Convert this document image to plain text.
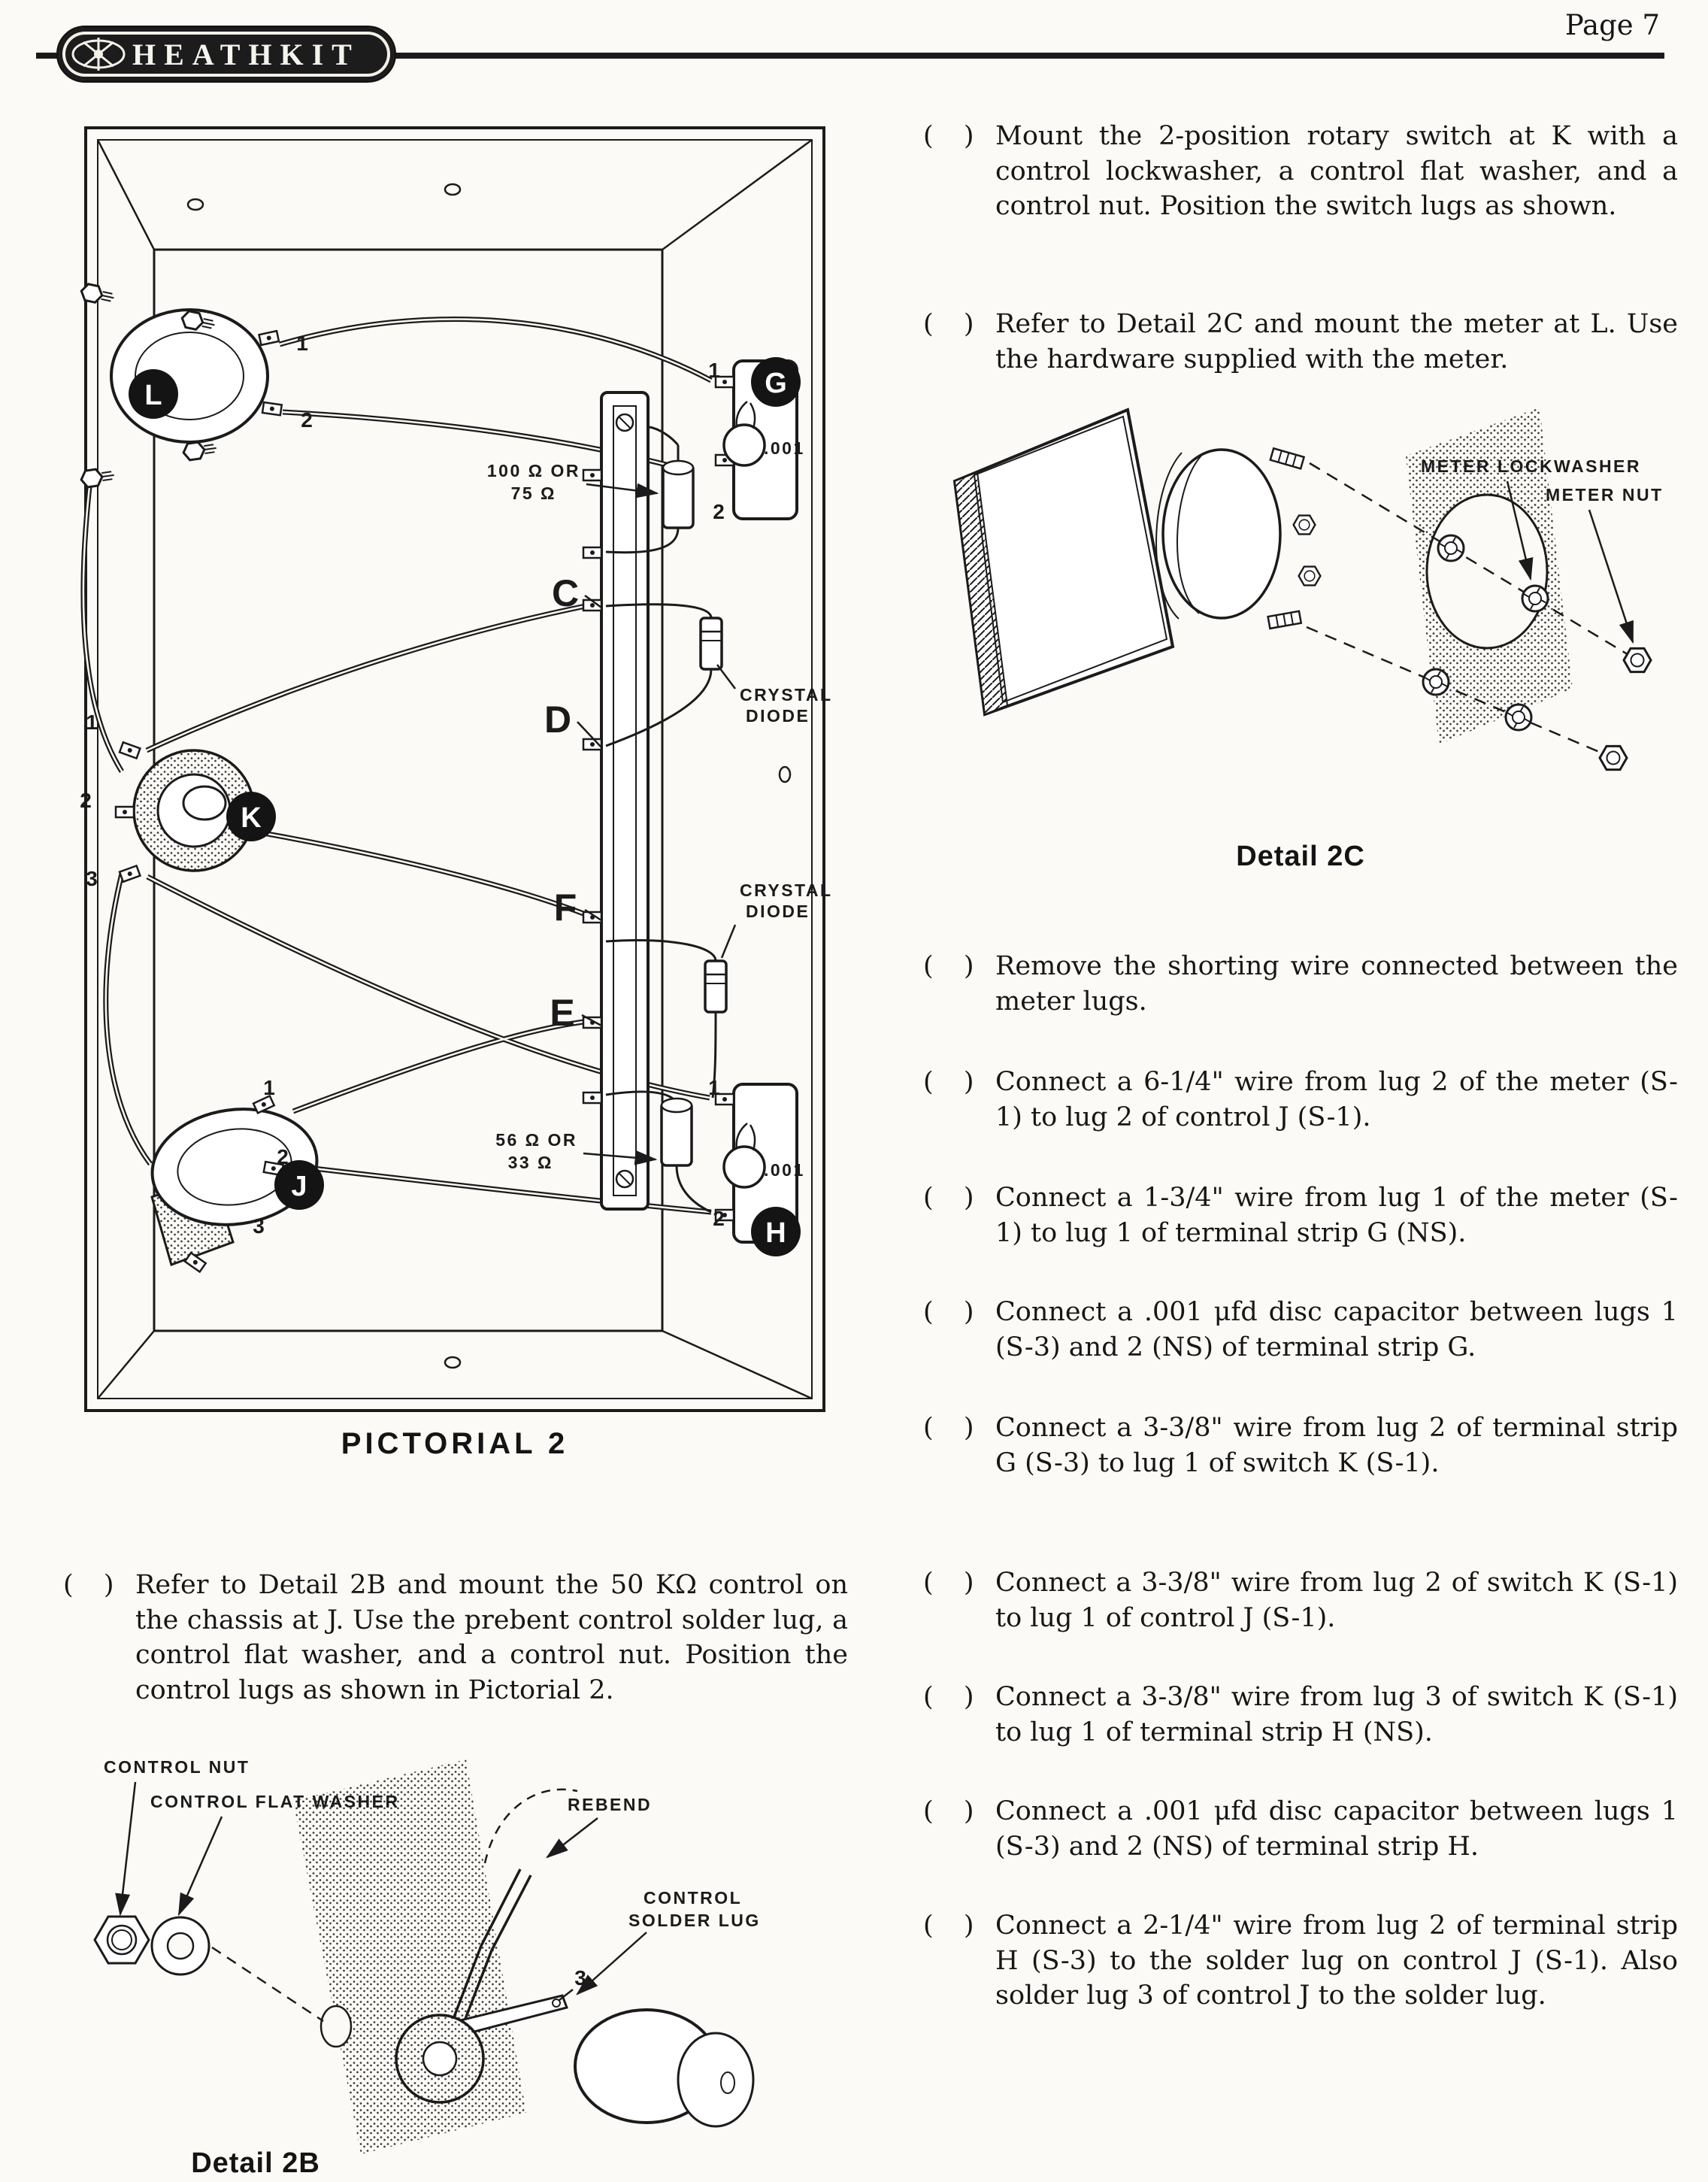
Page 7
HEATHKIT
L
1
2
K
1
2
3
J
1
2
3
G
1
2
.001
H
1
2
.001
C
D
F
E
100 Ω OR
75 Ω
CRYSTAL
DIODE
CRYSTAL
DIODE
56 Ω OR
33 Ω
PICTORIAL 2
(  ) Refer to Detail 2B and mount the 50 KΩ control on the chassis at J. Use the prebent control solder lug, a control flat washer, and a control nut. Position the control lugs as shown in Pictorial 2.
CONTROL NUT
CONTROL FLAT WASHER	REBEND
CONTROL
SOLDER LUG
3
Detail 2B
METER LOCKWASHER
METER NUT
Detail 2C
(  ) Mount the 2-position rotary switch at K with a control lockwasher, a control flat washer, and a control nut. Position the switch lugs as shown.
(  ) Refer to Detail 2C and mount the meter at L. Use the hardware supplied with the meter.
(  ) Remove the shorting wire connected between the meter lugs.
(  ) Connect a 6-1/4" wire from lug 2 of the meter (S-1) to lug 2 of control J (S-1).
(  ) Connect a 1-3/4" wire from lug 1 of the meter (S-1) to lug 1 of terminal strip G (NS).
(  ) Connect a .001 μfd disc capacitor between lugs 1 (S-3) and 2 (NS) of terminal strip G.
(  ) Connect a 3-3/8" wire from lug 2 of terminal strip G (S-3) to lug 1 of switch K (S-1).
(  ) Connect a 3-3/8" wire from lug 2 of switch K (S-1) to lug 1 of control J (S-1).
(  ) Connect a 3-3/8" wire from lug 3 of switch K (S-1) to lug 1 of terminal strip H (NS).
(  ) Connect a .001 μfd disc capacitor between lugs 1 (S-3) and 2 (NS) of terminal strip H.
(  ) Connect a 2-1/4" wire from lug 2 of terminal strip H (S-3) to the solder lug on control J (S-1). Also solder lug 3 of control J to the solder lug.
